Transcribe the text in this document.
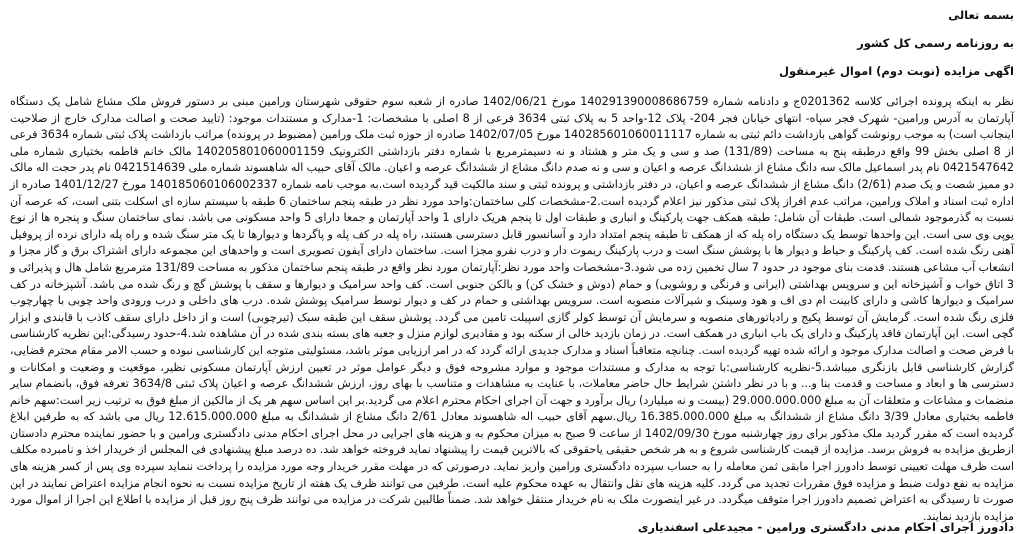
بسمه تعالی
به روزنامه رسمی کل کشور
اگهی مزایده (نوبت دوم) اموال غیرمنقول

نظر به اینکه پرونده اجرائی کلاسه 0201362ج و دادنامه شماره 140291390008686759 مورخ 1402/06/21 صادره از شعبه سوم حقوقی شهرستان ورامین مبنی بر دستور فروش ملک مشاع شامل یک دستگاه آپارتمان به آدرس ورامین- شهرک فجر سپاه- انتهای خیابان فجر 204- پلاک 12-واحد 5 به پلاک ثبتی 3634 فرعی از 8 اصلی با مشخصات: 1-مدارک و مستندات موجود: (تایید صحت و اصالت مدارک خارج از صلاحیت اینجانب است) به موجب رونوشت گواهی بازداشت دائم ثبتی به شماره 140285601060011117 مورخ 1402/07/05 صادره از حوزه ثبت ملک ورامین (مضبوط در پرونده) مراتب بازداشت پلاک ثبتی شماره 3634 فرعی از 8 اصلی بخش 99 واقع درطبقه پنج به مساحت (131/89) صد و سی و یک متر و هشتاد و نه دسیمترمربع با شماره دفتر بازداشتی الکترونیک 140205801060001159 مالک خانم فاطمه بختیاری شماره ملی 0421547642 نام پدر اسماعیل مالک سه دانگ مشاع از ششدانگ عرصه و اعیان و سی و نه صدم دانگ مشاع از ششدانگ عرصه و اعیان. مالک آقای حبیب اله شاهسوند شماره ملی 0421514639 نام پدر حجت اله مالک دو ممیز شصت و یک صدم (2/61) دانگ مشاع از ششدانگ عرصه و اعیان، در دفتر بازداشتی و پرونده ثبتی و سند مالکیت قید گردیده است.به موجب نامه شماره 140185060106002337 مورخ 1401/12/27 صادره از اداره ثبت اسناد و املاک ورامین، مراتب عدم افراز پلاک ثبتی مذکور نیز اعلام گردیده است.2-مشخصات کلی ساختمان:واحد مورد نظر در طبقه پنجم ساختمان 6 طبقه با سیستم سازه ای اسکلت بتنی است، که عرصه آن نسبت به گذرموجود شمالی است. طبقات آن شامل: طبقه همکف جهت پارکینگ و انباری و طبقات اول تا پنجم هریک دارای 1 واحد آپارتمان و جمعا دارای 5 واحد مسکونی می باشد. نمای ساختمان سنگ و پنجره ها از نوع یوپی وی سی است. این واحدها توسط یک دستگاه راه پله که از همکف تا طبقه پنجم امتداد دارد و آسانسور قابل دسترسی هستند، راه پله در کف پله و پاگردها و دیوارها تا یک متر سنگ شده و راه پله دارای نرده از پروفیل آهنی رنگ شده است. کف پارکینگ و حیاط و دیوار ها با پوشش سنگ است و درب پارکینگ ریموت دار و درب نفرو مجزا است. ساختمان دارای آیفون تصویری است و واحدهای این مجموعه دارای اشتراک برق و گاز مجزا و انشعاب آب مشاعی هستند. قدمت بنای موجود در حدود 7 سال تخمین زده می شود.3-مشخصات واحد مورد نظر:آپارتمان مورد نظر واقع در طبقه پنجم ساختمان مذکور به مساحت 131/89 مترمربع شامل هال و پذیرائی و 3 اتاق خواب و آشپزخانه این و سرویس بهداشتی (ایرانی و فرنگی و روشویی) و حمام (دوش و خشک کن) و بالکن جنوبی است. کف واحد سرامیک و دیوارها و سقف با پوشش گچ و رنگ شده می باشد. آشپزخانه در کف سرامیک و دیوارها کاشی و دارای کابینت ام دی اف و هود وسینک و شیرآلات منصوبه است. سرویس بهداشتی و حمام در کف و دیوار توسط سرامیک پوشش شده. درب های داخلی و درب ورودی واحد چوبی با چهارچوب فلزی رنگ شده است. گرمایش آن توسط پکیج و رادیاتورهای منصوبه و سرمایش آن توسط کولر گازی اسپیلت تامین می گردد. پوشش سقف این طبقه سبک (تیرچوبی) است و از داخل دارای سقف کاذب با قابندی و ابزار گچی است. این آپارتمان فاقد پارکینگ و دارای یک باب انباری در همکف است. در زمان بازدید خالی از سکنه بود و مقادیری لوازم منزل و جعبه های بسته بندی شده در آن مشاهده شد.4-حدود رسیدگی:این نظریه کارشناسی با فرض صحت و اصالت مدارک موجود و ارائه شده تهیه گردیده است. چنانچه متعاقباً اسناد و مدارک جدیدی ارائه گردد که در امر ارزیابی موثر باشد، مسئولیتی متوجه این کارشناسی نبوده و حسب الامر مقام محترم قضایی، گزارش کارشناسی قابل بازنگری میباشد.5-نظریه کارشناسی:با توجه به مدارک و مستندات موجود و موارد مشروحه فوق و دیگر عوامل موثر در تعیین ارزش آپارتمان مسکونی نظیر، موقعیت و وضعیت و امکانات و دسترسی ها و ابعاد و مساحت و قدمت بنا و... و با در نظر داشتن شرایط حال حاضر معاملات، با عنایت به مشاهدات و متناسب با بهای روز، ارزش ششدانگ عرصه و اعیان پلاک ثبتی 3634/8 تعرفه فوق، بانضمام سایر منضمات و مشاعات و متعلقات آن به مبلغ 29.000.000.000 (بیست و نه میلیارد) ریال برآورد و جهت آن اجرای احکام محترم اعلام می گردید.بر این اساس سهم هر یک از مالکین از مبلغ فوق به ترتیب زیر است:سهم خانم فاطمه بختیاری معادل 3/39 دانگ مشاع از ششدانگ به مبلغ 16.385.000.000 ریال.سهم آقای حبیب اله شاهسوند معادل 2/61 دانگ مشاع از ششدانگ به مبلغ 12.615.000.000 ریال می باشد که به طرفین ابلاغ گردیده است که مقرر گردید ملک مذکور برای روز چهارشنبه مورخ 1402/09/30 از ساعت 9 صبح به میزان محکوم به و هزینه های اجرایی در محل اجرای احکام مدنی دادگستری ورامین و با حضور نماینده محترم دادستان ازطریق مزایده به فروش برسد. مزایده از قیمت کارشناسی شروع و به هر شخص حقیقی یاحقوقی که بالاترین قیمت را پیشنهاد نماید فروخته خواهد شد. ده درصد مبلغ پیشنهادی فی المجلس از خریدار اخذ و نامبرده مکلف است ظرف مهلت تعیینی توسط دادورز اجرا مابقی ثمن معامله را به حساب سپرده دادگستری ورامین واریز نماید. درصورتی که در مهلت مقرر خریدار وجه مورد مزایده را پرداخت ننماید سپرده وی پس از کسر هزینه های مزایده به نفع دولت ضبط و مزایده فوق مقررات تجدید می گردد. کلیه هزینه های نقل وانتقال به عهده محکوم علیه است. طرفین می توانند ظرف یک هفته از تاریخ مزایده نسبت به نحوه انجام مزایده اعتراض نمایند در این صورت تا رسیدگی به اعتراض تصمیم دادورز اجرا متوقف میگردد. در غیر اینصورت ملک به نام خریدار منتقل خواهد شد. ضمناً طالبین شرکت در مزایده می توانند ظرف پنج روز قبل از مزایده با اطلاع این اجرا از اموال مورد مزایده بازدید نمایند.

دادورز اجرای احکام مدنی دادگستری ورامین - مجیدعلی اسفندیاری
